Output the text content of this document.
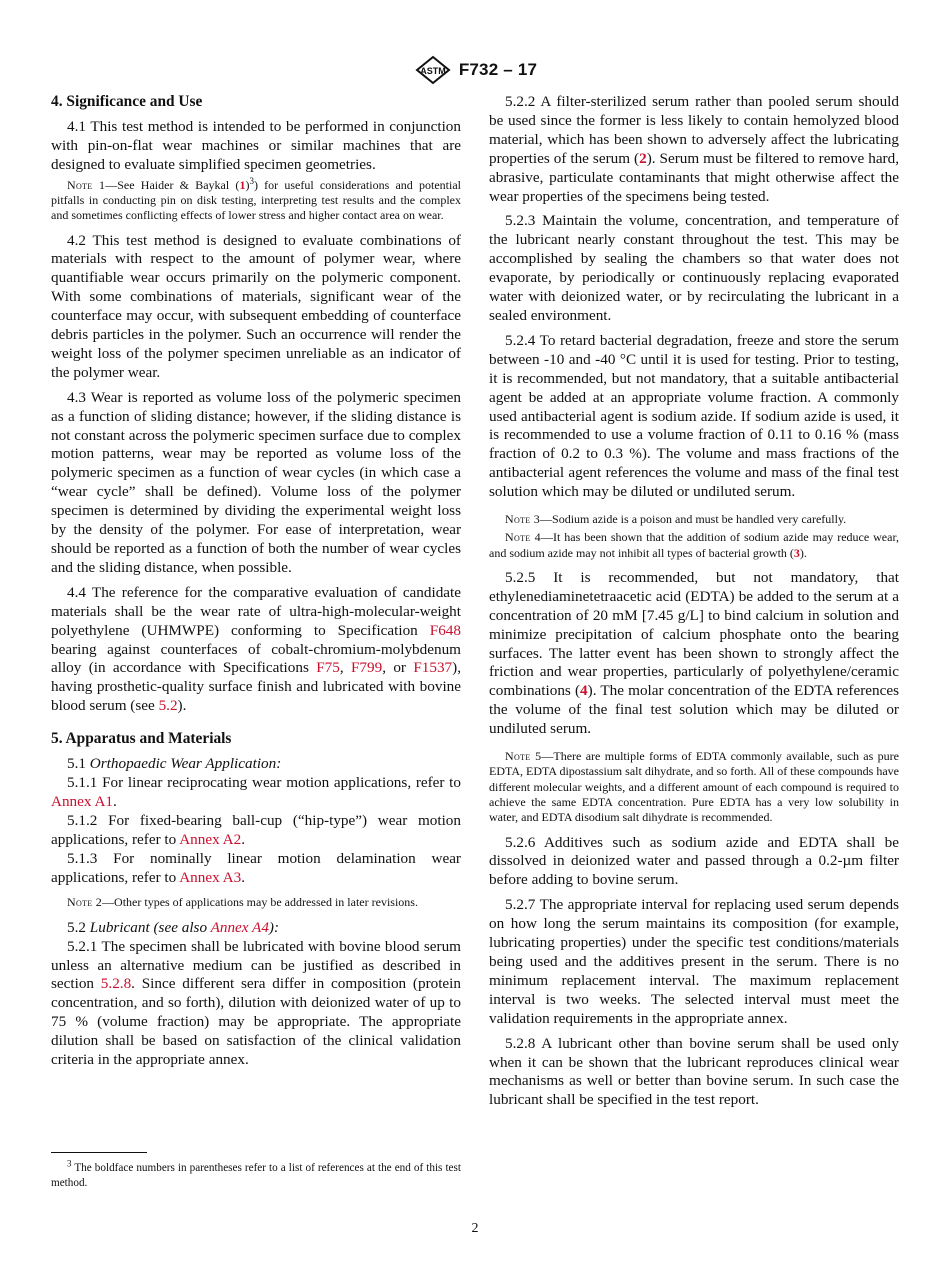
ASTM F732 – 17
4. Significance and Use

4.1 This test method is intended to be performed in conjunction with pin-on-flat wear machines or similar machines that are designed to evaluate simplified specimen geometries.

Note 1—See Haider & Baykal $(1)^3$) for useful considerations and potential pitfalls in conducting pin on disk testing, interpreting test results and the complex and sometimes conflicting effects of lower stress and higher contact area on wear.

4.2 This test method is designed to evaluate combinations of materials with respect to the amount of polymer wear, where quantifiable wear occurs primarily on the polymeric component. With some combinations of materials, significant wear of the counterface may occur, with subsequent embedding of counterface debris particles in the polymer. Such an occurrence will render the weight loss of the polymer specimen unreliable as an indicator of the polymer wear.

4.3 Wear is reported as volume loss of the polymeric specimen as a function of sliding distance; however, if the sliding distance is not constant across the polymeric specimen surface due to complex motion patterns, wear may be reported as volume loss of the polymeric specimen as a function of wear cycles (in which case a “wear cycle” shall be defined). Volume loss of the polymer specimen is determined by dividing the experimental weight loss by the density of the polymer. For ease of interpretation, wear should be reported as a function of both the number of wear cycles and the sliding distance, when possible.

4.4 The reference for the comparative evaluation of candidate materials shall be the wear rate of ultra-high-molecular-weight polyethylene (UHMWPE) conforming to Specification F648 bearing against counterfaces of cobalt-chromium-molybdenum alloy (in accordance with Specifications F75, F799, or F1537), having prosthetic-quality surface finish and lubricated with bovine blood serum (see 5.2).

5. Apparatus and Materials

5.1 Orthopaedic Wear Application:

5.1.1 For linear reciprocating wear motion applications, refer to Annex A1.

5.1.2 For fixed-bearing ball-cup (“hip-type”) wear motion applications, refer to Annex A2.

5.1.3 For nominally linear motion delamination wear applications, refer to Annex A3.

Note 2—Other types of applications may be addressed in later revisions.

5.2 Lubricant (see also Annex A4):

5.2.1 The specimen shall be lubricated with bovine blood serum unless an alternative medium can be justified as described in section 5.2.8. Since different sera differ in composition (protein concentration, and so forth), dilution with deionized water of up to 75 % (volume fraction) may be appropriate. The appropriate dilution shall be based on satisfaction of the clinical validation criteria in the appropriate annex.

$^3$ The boldface numbers in parentheses refer to a list of references at the end of this test method.

5.2.2 A filter-sterilized serum rather than pooled serum should be used since the former is less likely to contain hemolyzed blood material, which has been shown to adversely affect the lubricating properties of the serum (2). Serum must be filtered to remove hard, abrasive, particulate contaminants that might otherwise affect the wear properties of the specimens being tested.

5.2.3 Maintain the volume, concentration, and temperature of the lubricant nearly constant throughout the test. This may be accomplished by sealing the chambers so that water does not evaporate, by periodically or continuously replacing evaporated water with deionized water, or by recirculating the lubricant in a sealed environment.

5.2.4 To retard bacterial degradation, freeze and store the serum between -10 and -40 °C until it is used for testing. Prior to testing, it is recommended, but not mandatory, that a suitable antibacterial agent be added at an appropriate volume fraction. A commonly used antibacterial agent is sodium azide. If sodium azide is used, it is recommended to use a volume fraction of 0.11 to 0.16 % (mass fraction of 0.2 to 0.3 %). The volume and mass fractions of the antibacterial agent references the volume and mass of the final test solution which may be diluted or undiluted serum.

Note 3—Sodium azide is a poison and must be handled very carefully.

Note 4—It has been shown that the addition of sodium azide may reduce wear, and sodium azide may not inhibit all types of bacterial growth (3).

5.2.5 It is recommended, but not mandatory, that ethylenediaminetetraacetic acid (EDTA) be added to the serum at a concentration of 20 mM [7.45 g/L] to bind calcium in solution and minimize precipitation of calcium phosphate onto the bearing surfaces. The latter event has been shown to strongly affect the friction and wear properties, particularly of polyethylene/ceramic combinations (4). The molar concentration of the EDTA references the volume of the final test solution which may be diluted or undiluted serum.

Note 5—There are multiple forms of EDTA commonly available, such as pure EDTA, EDTA dipostassium salt dihydrate, and so forth. All of these compounds have different molecular weights, and a different amount of each compound is required to achieve the same EDTA concentration. Pure EDTA has a very low solubility in water, and EDTA disodium salt dihydrate is recommended.

5.2.6 Additives such as sodium azide and EDTA shall be dissolved in deionized water and passed through a 0.2-µm filter before adding to bovine serum.

5.2.7 The appropriate interval for replacing used serum depends on how long the serum maintains its composition (for example, lubricating properties) under the specific test conditions/materials being used and the additives present in the serum. There is no minimum replacement interval. The maximum replacement interval is two weeks. The selected interval must meet the validation requirements in the appropriate annex.

5.2.8 A lubricant other than bovine serum shall be used only when it can be shown that the lubricant reproduces clinical wear mechanisms as well or better than bovine serum. In such case the lubricant shall be specified in the test report.

2
